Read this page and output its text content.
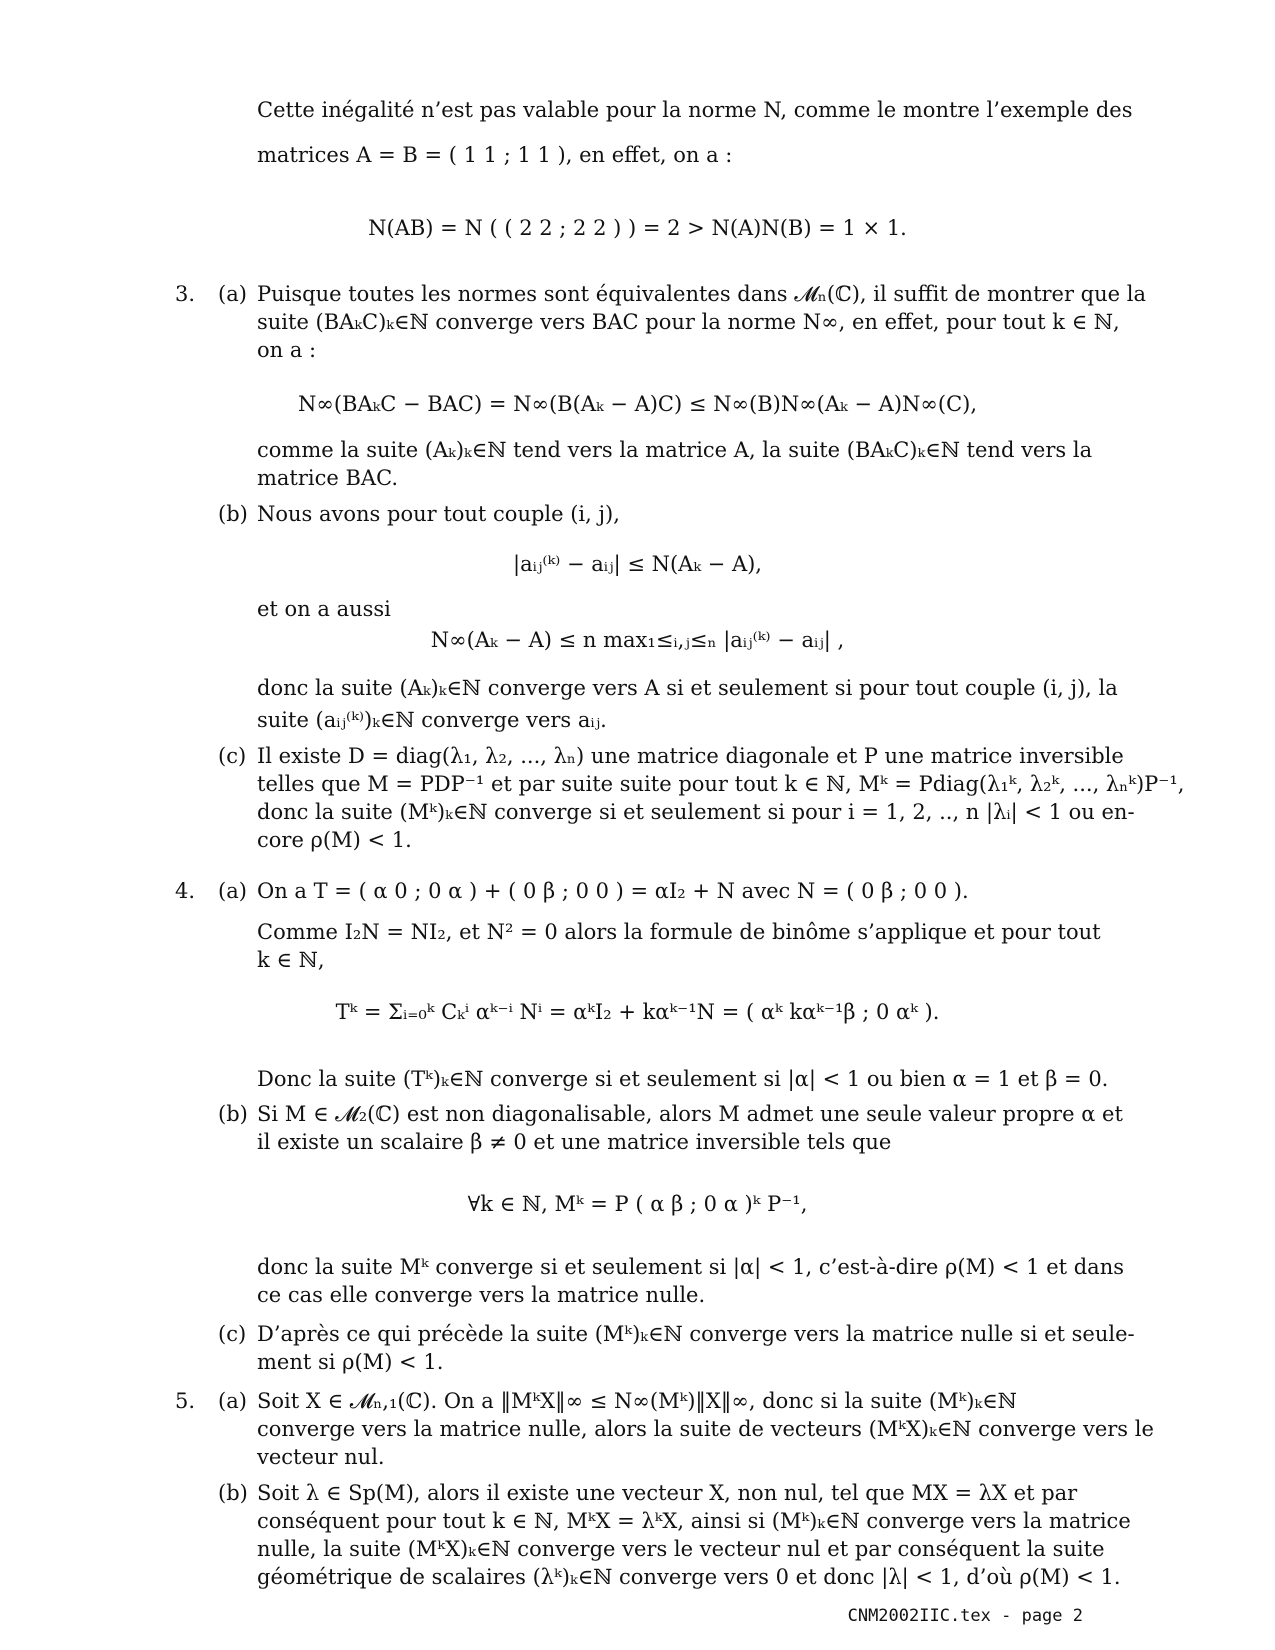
Cette inégalité n’est pas valable pour la norme N, comme le montre l’exemple des
matrices A = B = ( 1 1 ; 1 1 ), en effet, on a :
N(AB) = N ( ( 2 2 ; 2 2 ) ) = 2 > N(A)N(B) = 1 × 1.
3. (a) Puisque toutes les normes sont équivalentes dans 𝓜ₙ(ℂ), il suffit de montrer que la
suite (BAₖC)ₖ∈ℕ converge vers BAC pour la norme N∞, en effet, pour tout k ∈ ℕ,
on a :
N∞(BAₖC − BAC) = N∞(B(Aₖ − A)C) ≤ N∞(B)N∞(Aₖ − A)N∞(C),
comme la suite (Aₖ)ₖ∈ℕ tend vers la matrice A, la suite (BAₖC)ₖ∈ℕ tend vers la
matrice BAC.
(b) Nous avons pour tout couple (i, j),
|aᵢⱼ⁽ᵏ⁾ − aᵢⱼ| ≤ N(Aₖ − A),
et on a aussi
N∞(Aₖ − A) ≤ n max₁≤ᵢ,ⱼ≤ₙ |aᵢⱼ⁽ᵏ⁾ − aᵢⱼ| ,
donc la suite (Aₖ)ₖ∈ℕ converge vers A si et seulement si pour tout couple (i, j), la
suite (aᵢⱼ⁽ᵏ⁾)ₖ∈ℕ converge vers aᵢⱼ.
(c) Il existe D = diag(λ₁, λ₂, ..., λₙ) une matrice diagonale et P une matrice inversible
telles que M = PDP⁻¹ et par suite suite pour tout k ∈ ℕ, Mᵏ = Pdiag(λ₁ᵏ, λ₂ᵏ, ..., λₙᵏ)P⁻¹,
donc la suite (Mᵏ)ₖ∈ℕ converge si et seulement si pour i = 1, 2, .., n |λᵢ| < 1 ou en-
core ρ(M) < 1.
4. (a) On a T = ( α 0 ; 0 α ) + ( 0 β ; 0 0 ) = αI₂ + N avec N = ( 0 β ; 0 0 ).
Comme I₂N = NI₂, et N² = 0 alors la formule de binôme s’applique et pour tout
k ∈ ℕ,
Tᵏ = Σᵢ₌₀ᵏ Cₖⁱ αᵏ⁻ⁱ Nⁱ = αᵏI₂ + kαᵏ⁻¹N = ( αᵏ kαᵏ⁻¹β ; 0 αᵏ ).
Donc la suite (Tᵏ)ₖ∈ℕ converge si et seulement si |α| < 1 ou bien α = 1 et β = 0.
(b) Si M ∈ 𝓜₂(ℂ) est non diagonalisable, alors M admet une seule valeur propre α et
il existe un scalaire β ≠ 0 et une matrice inversible tels que
∀k ∈ ℕ, Mᵏ = P ( α β ; 0 α )ᵏ P⁻¹,
donc la suite Mᵏ converge si et seulement si |α| < 1, c’est-à-dire ρ(M) < 1 et dans
ce cas elle converge vers la matrice nulle.
(c) D’après ce qui précède la suite (Mᵏ)ₖ∈ℕ converge vers la matrice nulle si et seule-
ment si ρ(M) < 1.
5. (a) Soit X ∈ 𝓜ₙ,₁(ℂ). On a ‖MᵏX‖∞ ≤ N∞(Mᵏ)‖X‖∞, donc si la suite (Mᵏ)ₖ∈ℕ
converge vers la matrice nulle, alors la suite de vecteurs (MᵏX)ₖ∈ℕ converge vers le
vecteur nul.
(b) Soit λ ∈ Sp(M), alors il existe une vecteur X, non nul, tel que MX = λX et par
conséquent pour tout k ∈ ℕ, MᵏX = λᵏX, ainsi si (Mᵏ)ₖ∈ℕ converge vers la matrice
nulle, la suite (MᵏX)ₖ∈ℕ converge vers le vecteur nul et par conséquent la suite
géométrique de scalaires (λᵏ)ₖ∈ℕ converge vers 0 et donc |λ| < 1, d’où ρ(M) < 1.
CNM2002IIC.tex - page 2
